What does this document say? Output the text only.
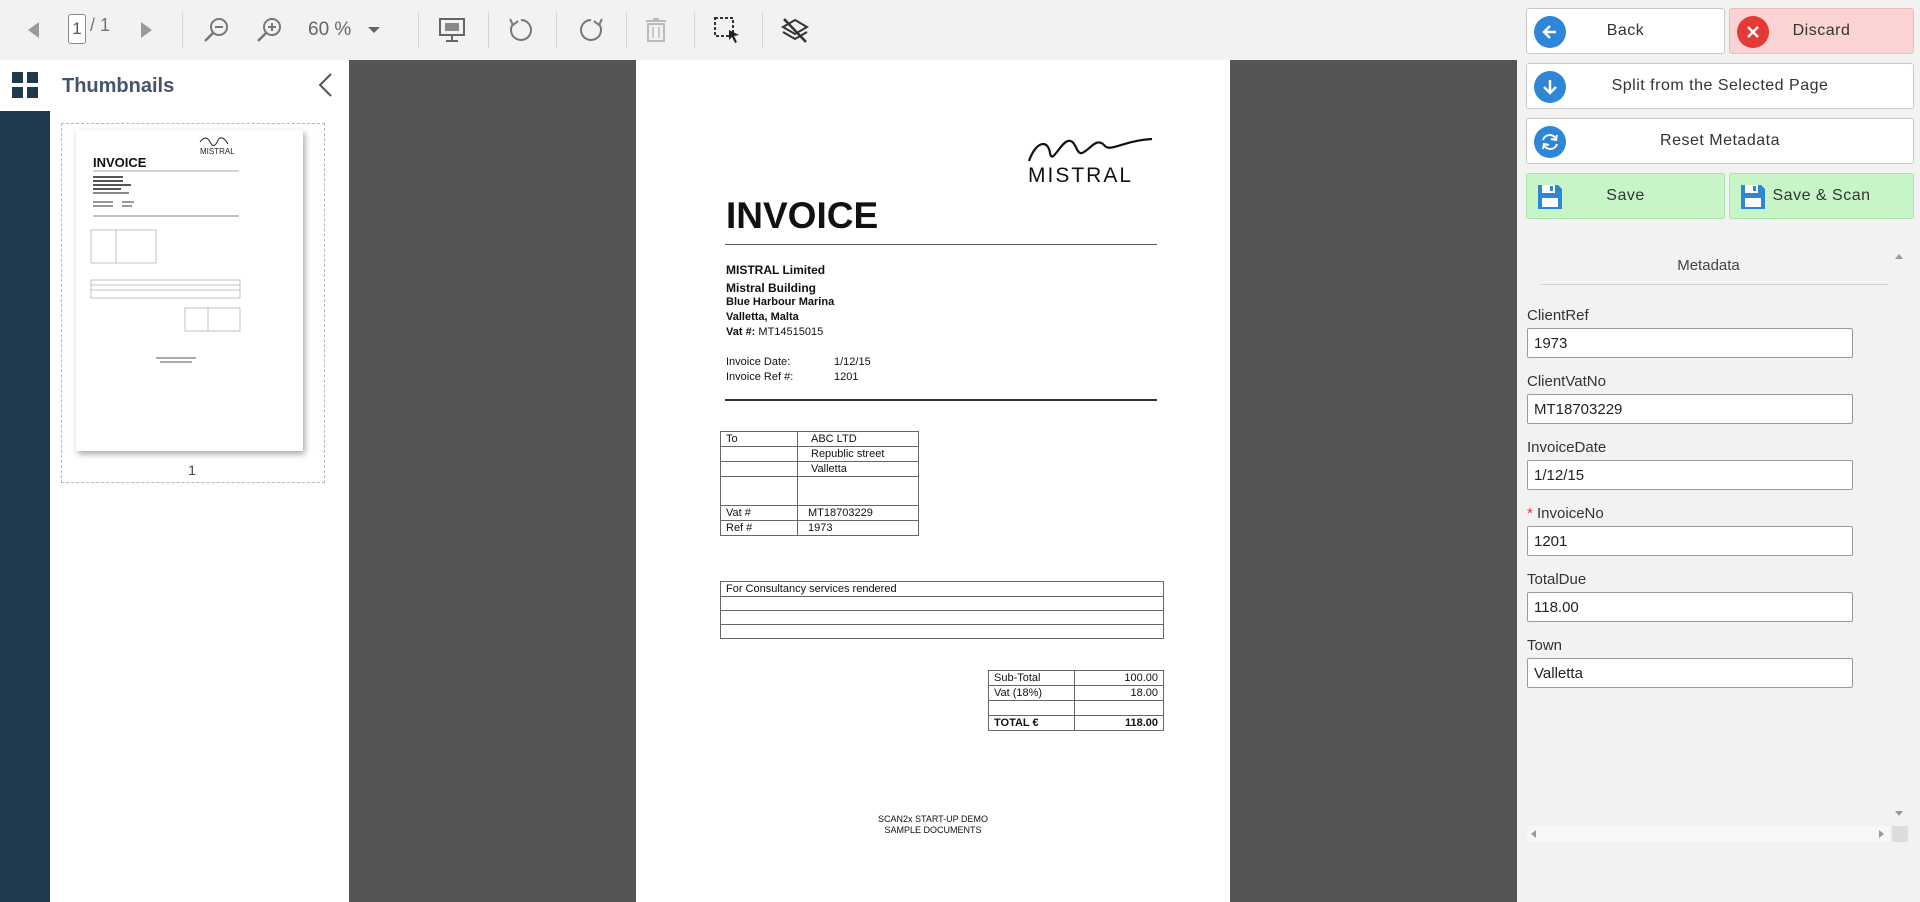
1 / 1	60 %
Thumbnails
MISTRAL
INVOICE
1
MISTRAL
INVOICE
MISTRAL Limited
Mistral Building
Blue Harbour Marina
Valletta, Malta
Vat #: MT14515015
Invoice Date:	1/12/15
Invoice Ref #:	1201
To	ABC LTD
Republic street
Valletta
Vat #	MT18703229
Ref #	1973
For Consultancy services rendered
Sub-Total	100.00
Vat (18%)	18.00
TOTAL €	118.00
SCAN2x START-UP DEMO
SAMPLE DOCUMENTS
Back	Discard
Split from the Selected Page
Reset Metadata
Save	Save & Scan
Metadata
ClientRef
1973
ClientVatNo
MT18703229
InvoiceDate
1/12/15
* InvoiceNo
1201
TotalDue
118.00
Town
Valletta
